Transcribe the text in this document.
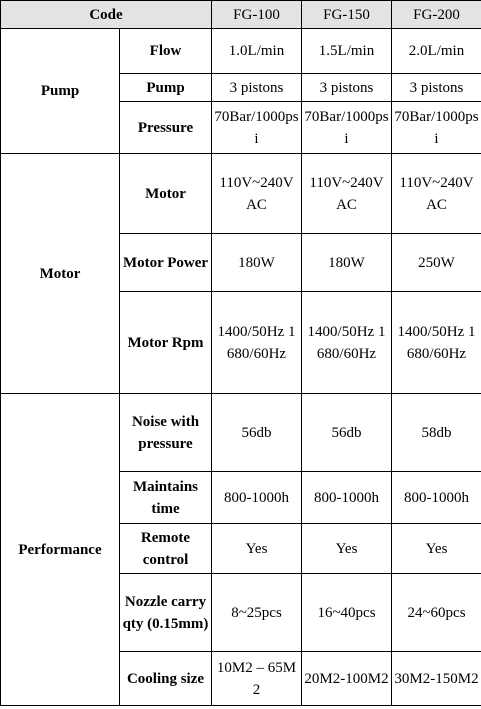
Code		FG-100	FG-150	FG-200
Pump	Flow	1.0L/min	1.5L/min	2.0L/min
	Pump	3 pistons	3 pistons	3 pistons
	Pressure	70Bar/1000psi	70Bar/1000psi	70Bar/1000psi
Motor	Motor	110V~240V AC	110V~240V AC	110V~240V AC
	Motor Power	180W	180W	250W
	Motor Rpm	1400/50Hz 1680/60Hz	1400/50Hz 1680/60Hz	1400/50Hz 1680/60Hz
Performance	Noise with pressure	56db	56db	58db
	Maintains time	800-1000h	800-1000h	800-1000h
	Remote control	Yes	Yes	Yes
	Nozzle carry qty (0.15mm)	8~25pcs	16~40pcs	24~60pcs
	Cooling size	10M2 – 65M2	20M2-100M2	30M2-150M2
